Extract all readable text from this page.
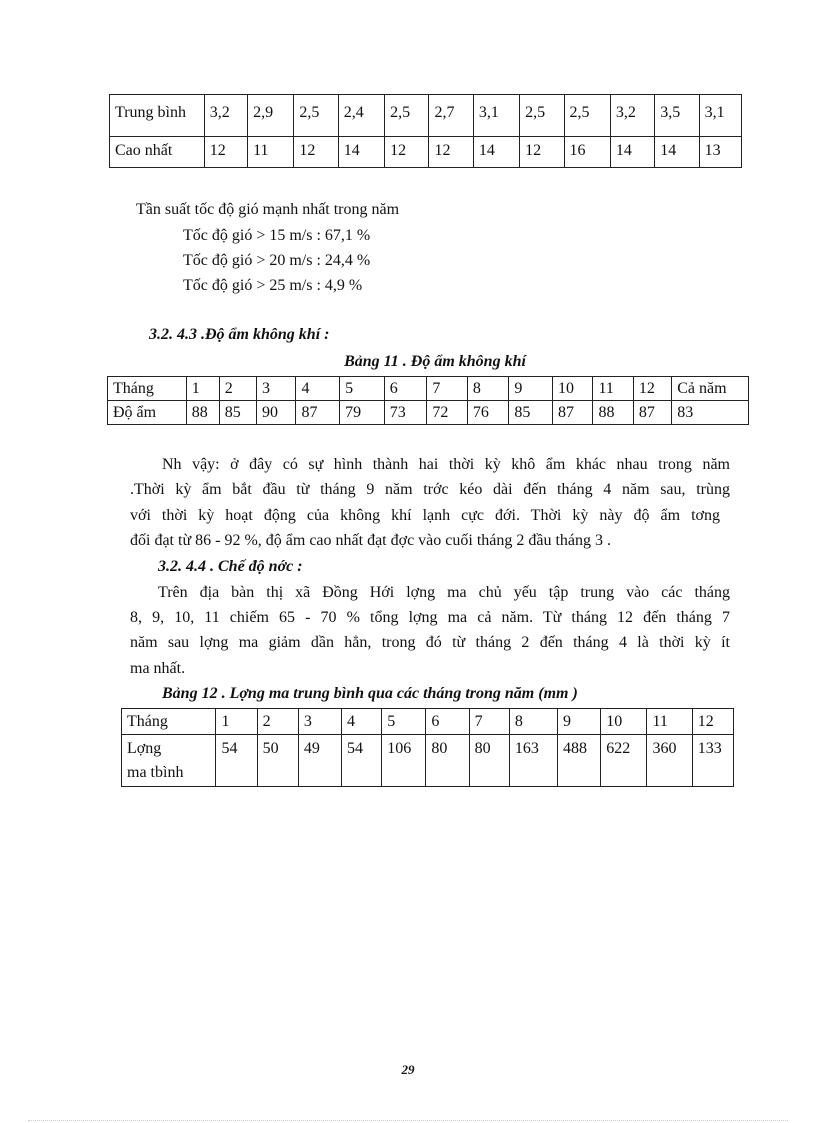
Trung bình	3,2	2,9	2,5	2,4	2,5	2,7	3,1	2,5	2,5	3,2	3,5	3,1
Cao nhất	12	11	12	14	12	12	14	12	16	14	14	13
Tần suất tốc độ gió mạnh nhất trong năm
Tốc độ gió > 15 m/s : 67,1 %
Tốc độ gió > 20 m/s : 24,4 %
Tốc độ gió > 25 m/s : 4,9 %
3.2. 4.3 .Độ ẩm không khí :
Bảng 11 . Độ ẩm không khí
Tháng	1	2	3	4	5	6	7	8	9	10	11	12	Cả năm
Độ ẩm	88	85	90	87	79	73	72	76	85	87	88	87	83
Nh vậy: ở đây có sự hình thành hai thời kỳ khô ẩm khác nhau trong năm
.Thời kỳ ẩm bắt đầu từ tháng 9 năm trớc kéo dài đến tháng 4 năm sau, trùng
với thời kỳ hoạt động của không khí lạnh cực đới. Thời kỳ này độ ẩm tơng
đối đạt từ 86 - 92 %, độ ẩm cao nhất đạt đợc vào cuối tháng 2 đầu tháng 3 .
3.2. 4.4 . Chế độ nớc :
Trên địa bàn thị xã Đồng Hới lợng ma chủ yếu tập trung vào các tháng
8, 9, 10, 11 chiếm 65 - 70 % tổng lợng ma cả năm. Từ tháng 12 đến tháng 7
năm sau lợng ma giảm dần hẳn, trong đó từ tháng 2 đến tháng 4 là thời kỳ ít
ma nhất.
Bảng 12 . Lợng ma trung bình qua các tháng trong năm (mm )
Tháng	1	2	3	4	5	6	7	8	9	10	11	12
Lợng
ma tbình	54	50	49	54	106	80	80	163	488	622	360	133
29
